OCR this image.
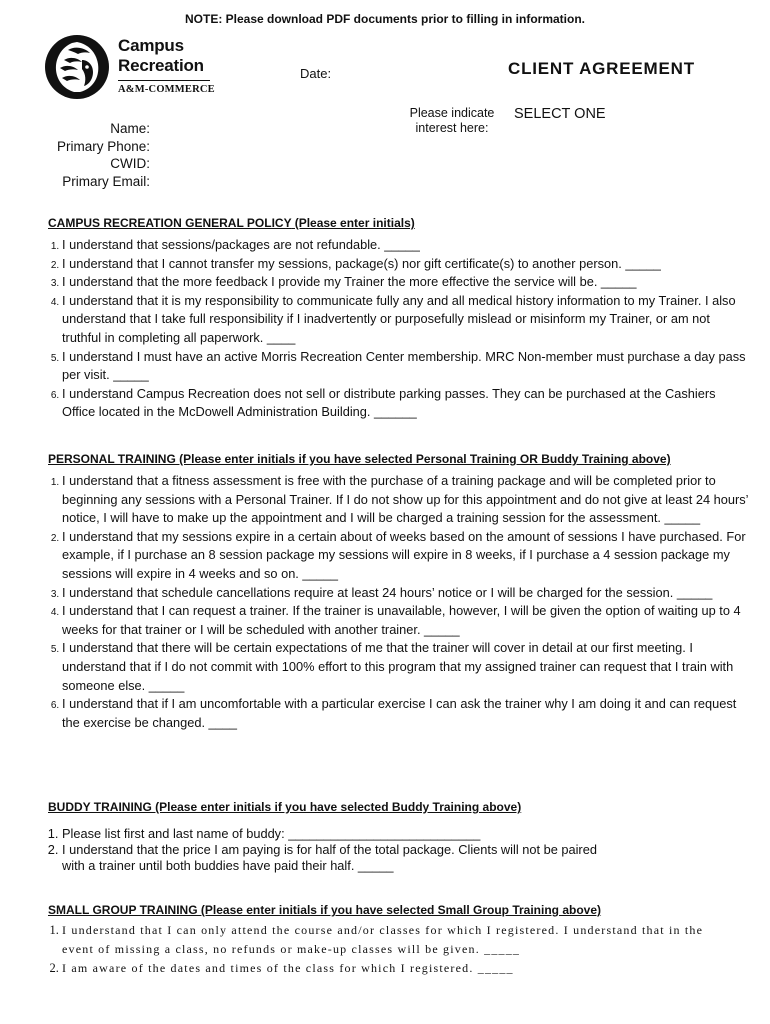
NOTE: Please download PDF documents prior to filling in information.
Campus
Recreation
A&M-COMMERCE
Date:	CLIENT AGREEMENT
Please indicate
interest here:
SELECT ONE
Name:
Primary Phone:
CWID:
Primary Email:
CAMPUS RECREATION GENERAL POLICY (Please enter initials)
1. I understand that sessions/packages are not refundable. _____
2. I understand that I cannot transfer my sessions, package(s) nor gift certificate(s) to another person. _____
3. I understand that the more feedback I provide my Trainer the more effective the service will be. _____
4. I understand that it is my responsibility to communicate fully any and all medical history information to my Trainer. I also understand that I take full responsibility if I inadvertently or purposefully mislead or misinform my Trainer, or am not truthful in completing all paperwork. ____
5. I understand I must have an active Morris Recreation Center membership. MRC Non-member must purchase a day pass per visit. _____
6. I understand Campus Recreation does not sell or distribute parking passes. They can be purchased at the Cashiers Office located in the McDowell Administration Building. ______
PERSONAL TRAINING (Please enter initials if you have selected Personal Training OR Buddy Training above)
1. I understand that a fitness assessment is free with the purchase of a training package and will be completed prior to beginning any sessions with a Personal Trainer. If I do not show up for this appointment and do not give at least 24 hours’ notice, I will have to make up the appointment and I will be charged a training session for the assessment. _____
2. I understand that my sessions expire in a certain about of weeks based on the amount of sessions I have purchased. For example, if I purchase an 8 session package my sessions will expire in 8 weeks, if I purchase a 4 session package my sessions will expire in 4 weeks and so on. _____
3. I understand that schedule cancellations require at least 24 hours’ notice or I will be charged for the session. _____
4. I understand that I can request a trainer. If the trainer is unavailable, however, I will be given the option of waiting up to 4 weeks for that trainer or I will be scheduled with another trainer. _____
5. I understand that there will be certain expectations of me that the trainer will cover in detail at our first meeting. I understand that if I do not commit with 100% effort to this program that my assigned trainer can request that I train with someone else. _____
6. I understand that if I am uncomfortable with a particular exercise I can ask the trainer why I am doing it and can request the exercise be changed. ____
BUDDY TRAINING (Please enter initials if you have selected Buddy Training above)
1. Please list first and last name of buddy: ___________________________
2. I understand that the price I am paying is for half of the total package. Clients will not be paired with a trainer until both buddies have paid their half. _____
SMALL GROUP TRAINING (Please enter initials if you have selected Small Group Training above)
1. I understand that I can only attend the course and/or classes for which I registered. I understand that in the event of missing a class, no refunds or make-up classes will be given. _____
2. I am aware of the dates and times of the class for which I registered. _____
